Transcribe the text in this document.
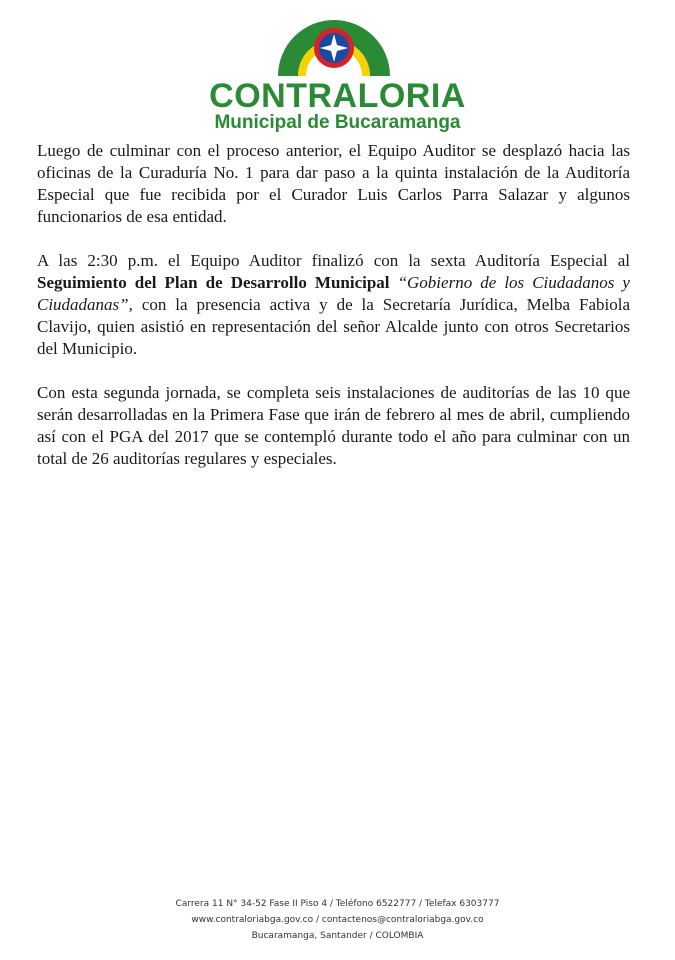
CONTRALORIA
Municipal de Bucaramanga

Luego de culminar con el proceso anterior, el Equipo Auditor se desplazó hacia las oficinas de la Curaduría No. 1 para dar paso a la quinta instalación de la Auditoría Especial que fue recibida por el Curador Luis Carlos Parra Salazar y algunos funcionarios de esa entidad.

A las 2:30 p.m. el Equipo Auditor finalizó con la sexta Auditoría Especial al Seguimiento del Plan de Desarrollo Municipal “Gobierno de los Ciudadanos y Ciudadanas”, con la presencia activa y de la Secretaría Jurídica, Melba Fabiola Clavijo, quien asistió en representación del señor Alcalde junto con otros Secretarios del Municipio.

Con esta segunda jornada, se completa seis instalaciones de auditorías de las 10 que serán desarrolladas en la Primera Fase que irán de febrero al mes de abril, cumpliendo así con el PGA del 2017 que se contempló durante todo el año para culminar con un total de 26 auditorías regulares y especiales.

Carrera 11 N° 34-52 Fase II Piso 4 / Teléfono 6522777 / Telefax 6303777
www.contraloriabga.gov.co / contactenos@contraloriabga.gov.co
Bucaramanga, Santander / COLOMBIA
